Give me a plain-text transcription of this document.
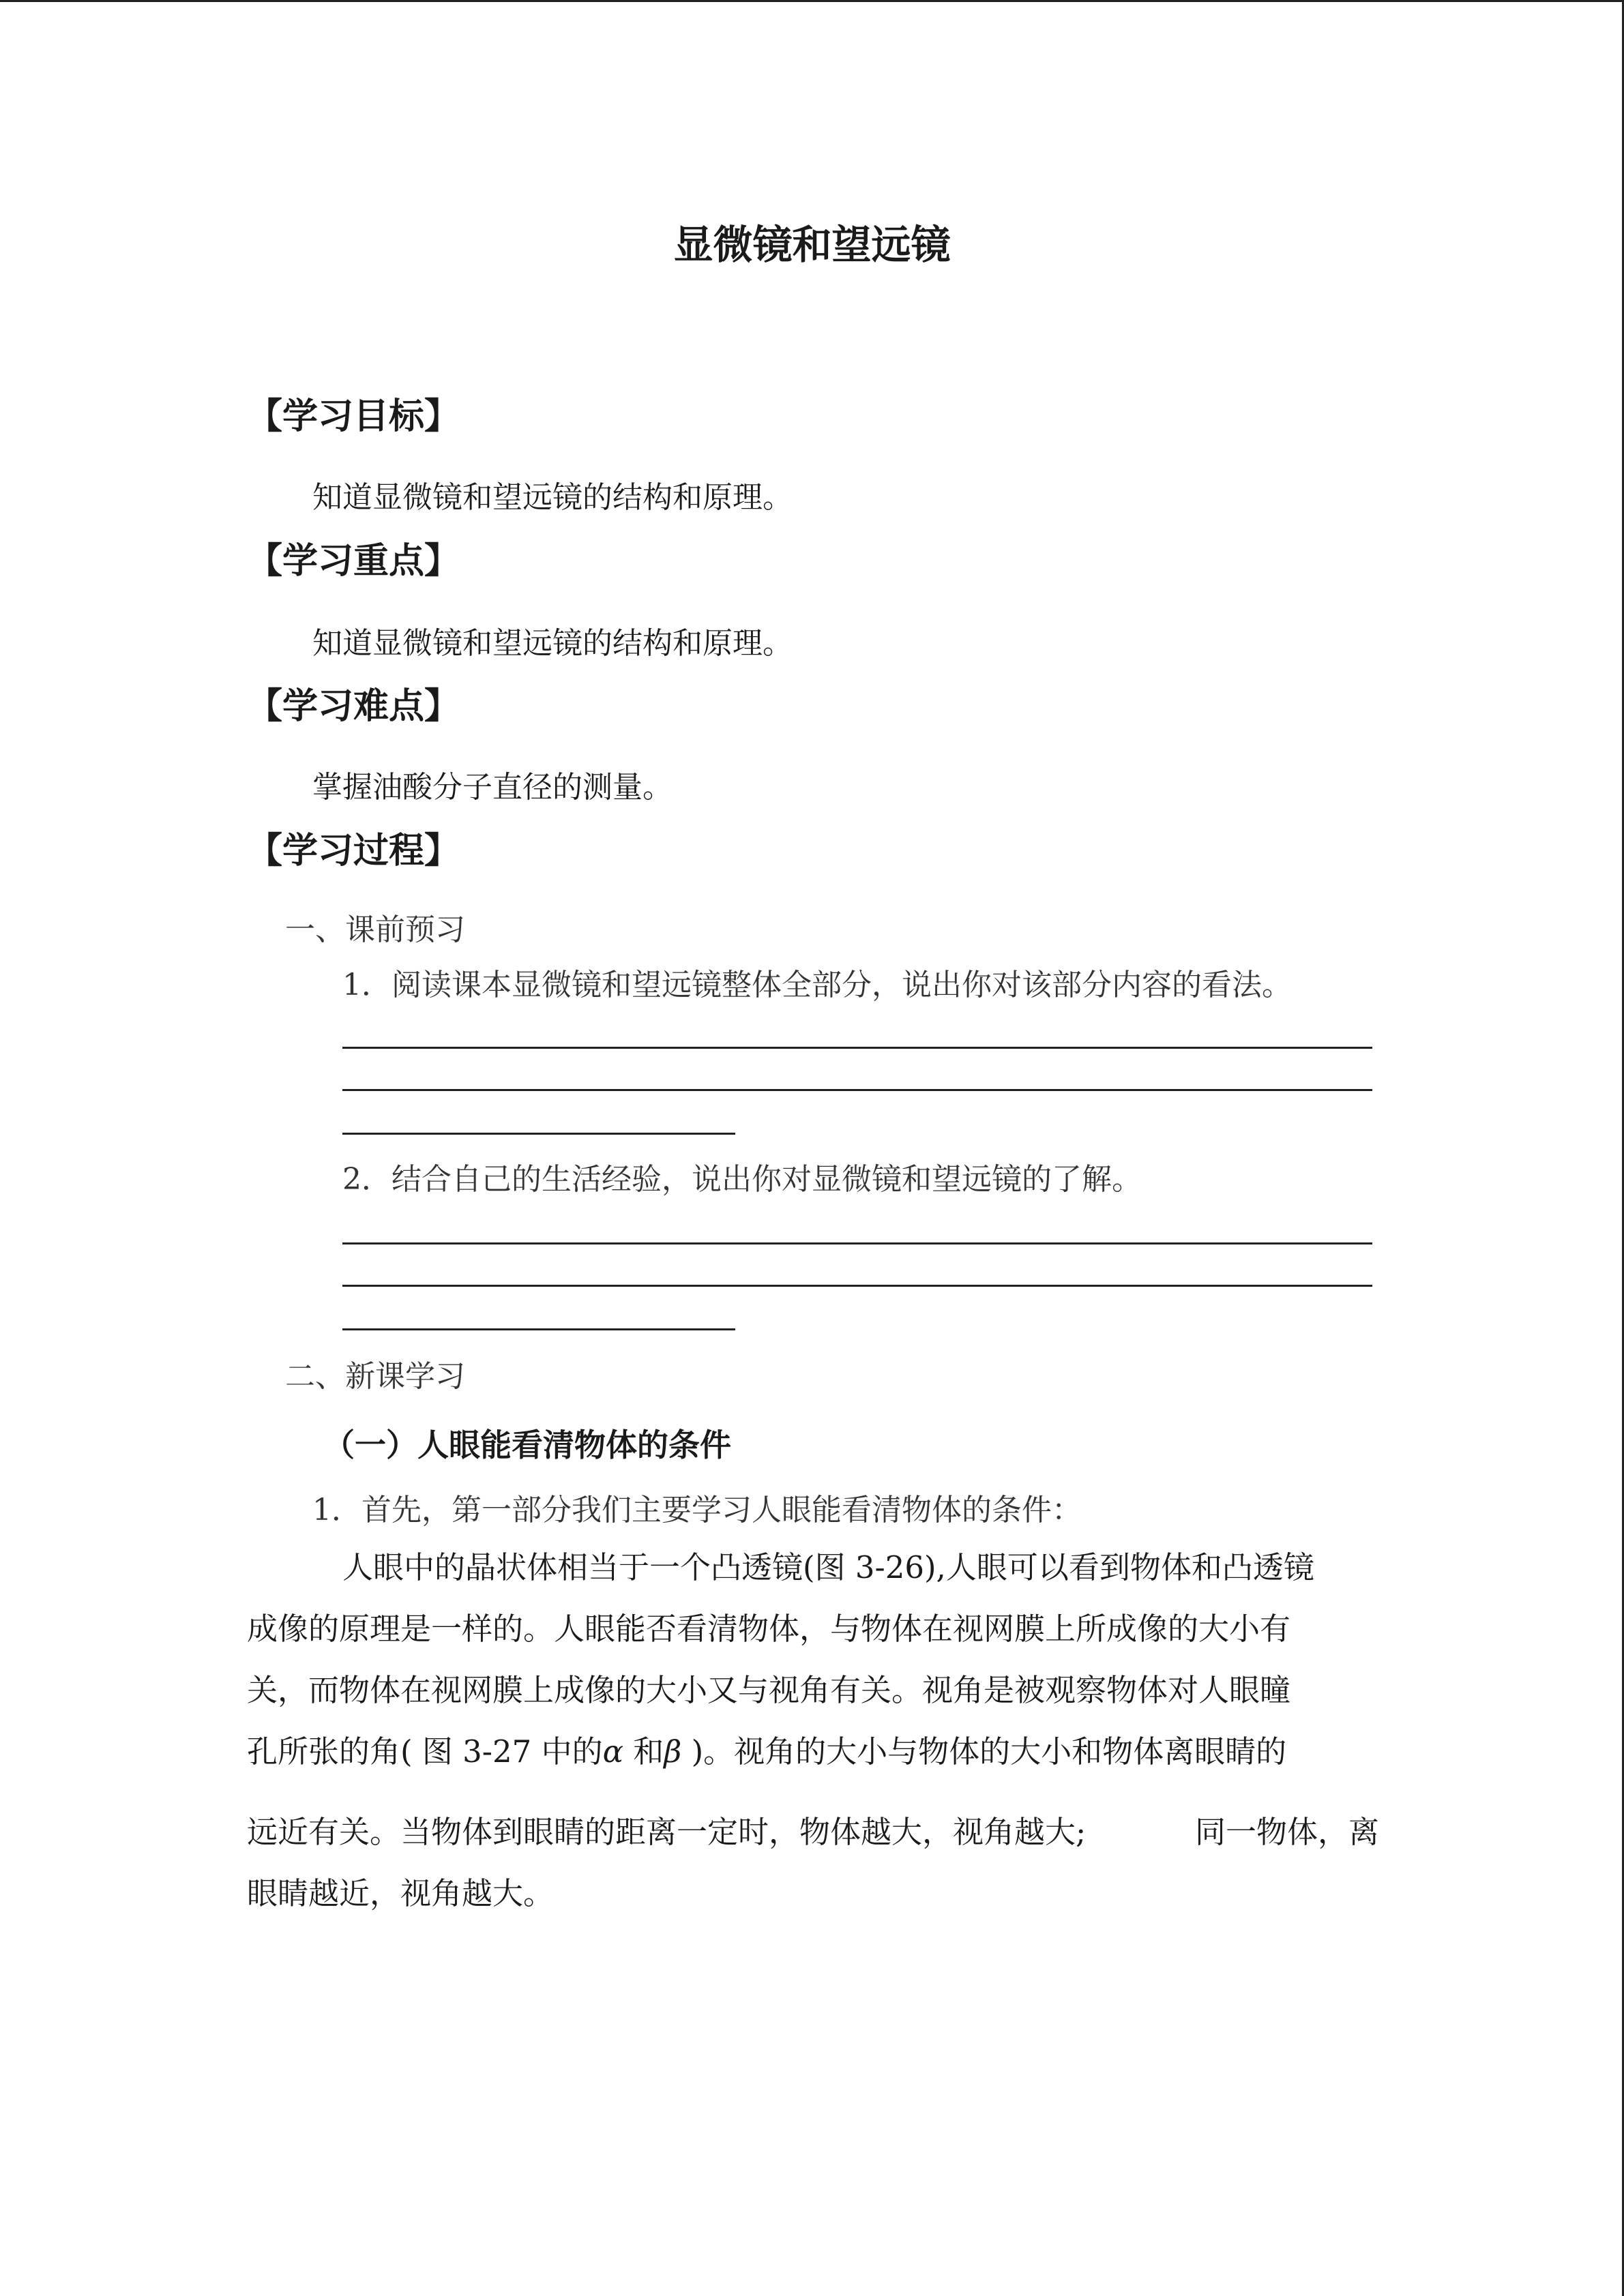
显微镜和望远镜
【学习目标】
知道显微镜和望远镜的结构和原理。
【学习重点】
知道显微镜和望远镜的结构和原理。
【学习难点】
掌握油酸分子直径的测量。
【学习过程】
一、课前预习
1．阅读课本显微镜和望远镜整体全部分，说出你对该部分内容的看法。
2．结合自己的生活经验，说出你对显微镜和望远镜的了解。
二、新课学习
（一）人眼能看清物体的条件
1．首先，第一部分我们主要学习人眼能看清物体的条件：
人眼中的晶状体相当于一个凸透镜(图 3-26),人眼可以看到物体和凸透镜
成像的原理是一样的。人眼能否看清物体，与物体在视网膜上所成像的大小有
关，而物体在视网膜上成像的大小又与视角有关。视角是被观察物体对人眼瞳
孔所张的角( 图 3-27 中的α 和β )。视角的大小与物体的大小和物体离眼睛的
远近有关。当物体到眼睛的距离一定时，物体越大，视角越大;	同一物体，离
眼睛越近，视角越大。
